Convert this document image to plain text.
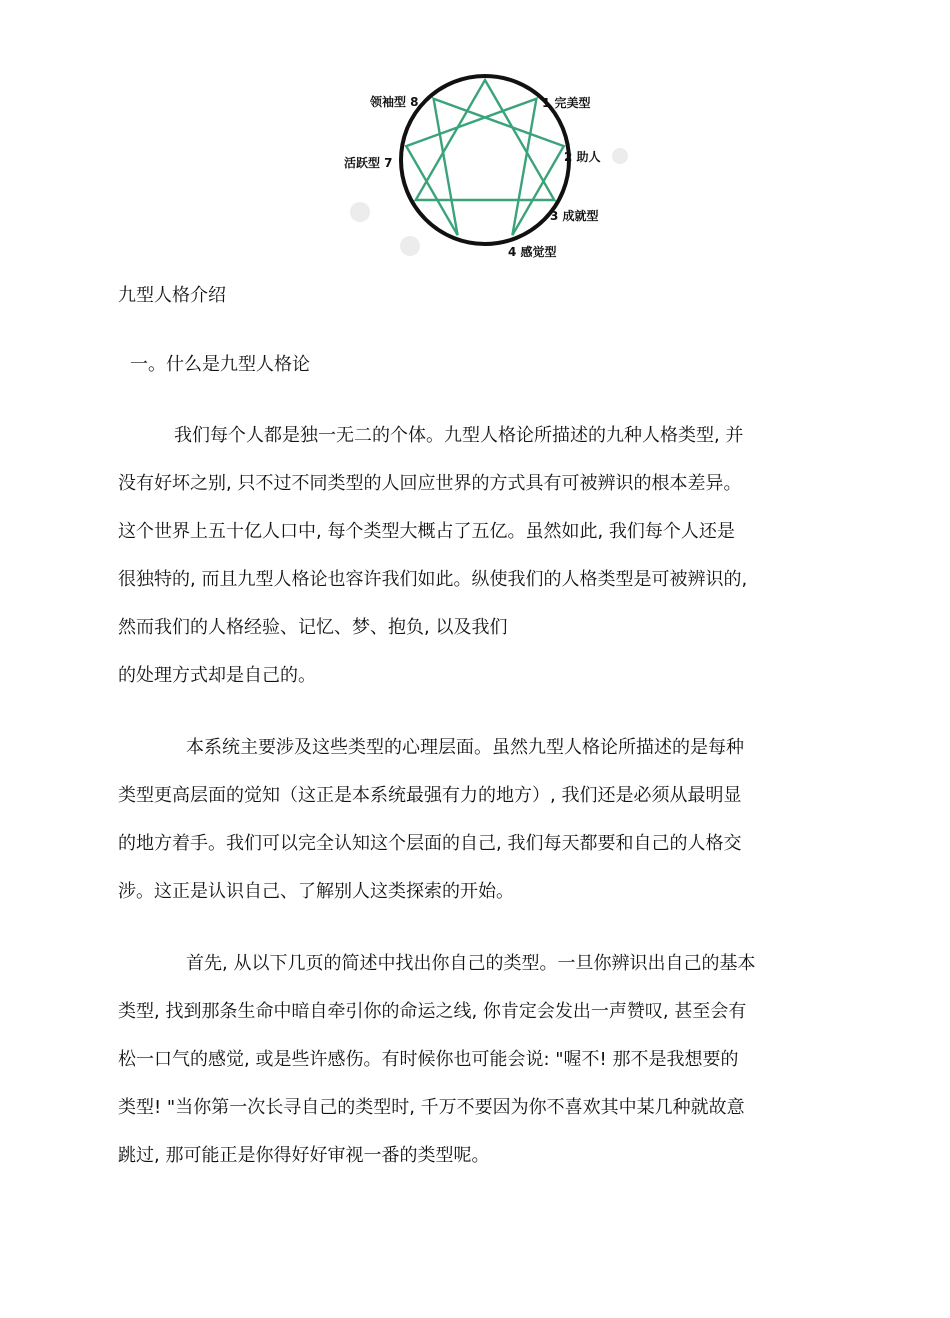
1 完美型
2 助人
3 成就型
4 感觉型
活跃型 7
领袖型 8
九型人格介绍
一。什么是九型人格论
我们每个人都是独一无二的个体。九型人格论所描述的九种人格类型, 并
没有好坏之别, 只不过不同类型的人回应世界的方式具有可被辨识的根本差异。
这个世界上五十亿人口中, 每个类型大概占了五亿。虽然如此, 我们每个人还是
很独特的, 而且九型人格论也容许我们如此。纵使我们的人格类型是可被辨识的,
然而我们的人格经验、记忆、梦、抱负, 以及我们
的处理方式却是自己的。
本系统主要涉及这些类型的心理层面。虽然九型人格论所描述的是每种
类型更高层面的觉知（这正是本系统最强有力的地方）, 我们还是必须从最明显
的地方着手。我们可以完全认知这个层面的自己, 我们每天都要和自己的人格交
涉。这正是认识自己、了解别人这类探索的开始。
首先, 从以下几页的简述中找出你自己的类型。一旦你辨识出自己的基本
类型, 找到那条生命中暗自牵引你的命运之线, 你肯定会发出一声赞叹, 甚至会有
松一口气的感觉, 或是些许感伤。有时候你也可能会说: "喔不! 那不是我想要的
类型! "当你第一次长寻自己的类型时, 千万不要因为你不喜欢其中某几种就故意
跳过, 那可能正是你得好好审视一番的类型呢。
